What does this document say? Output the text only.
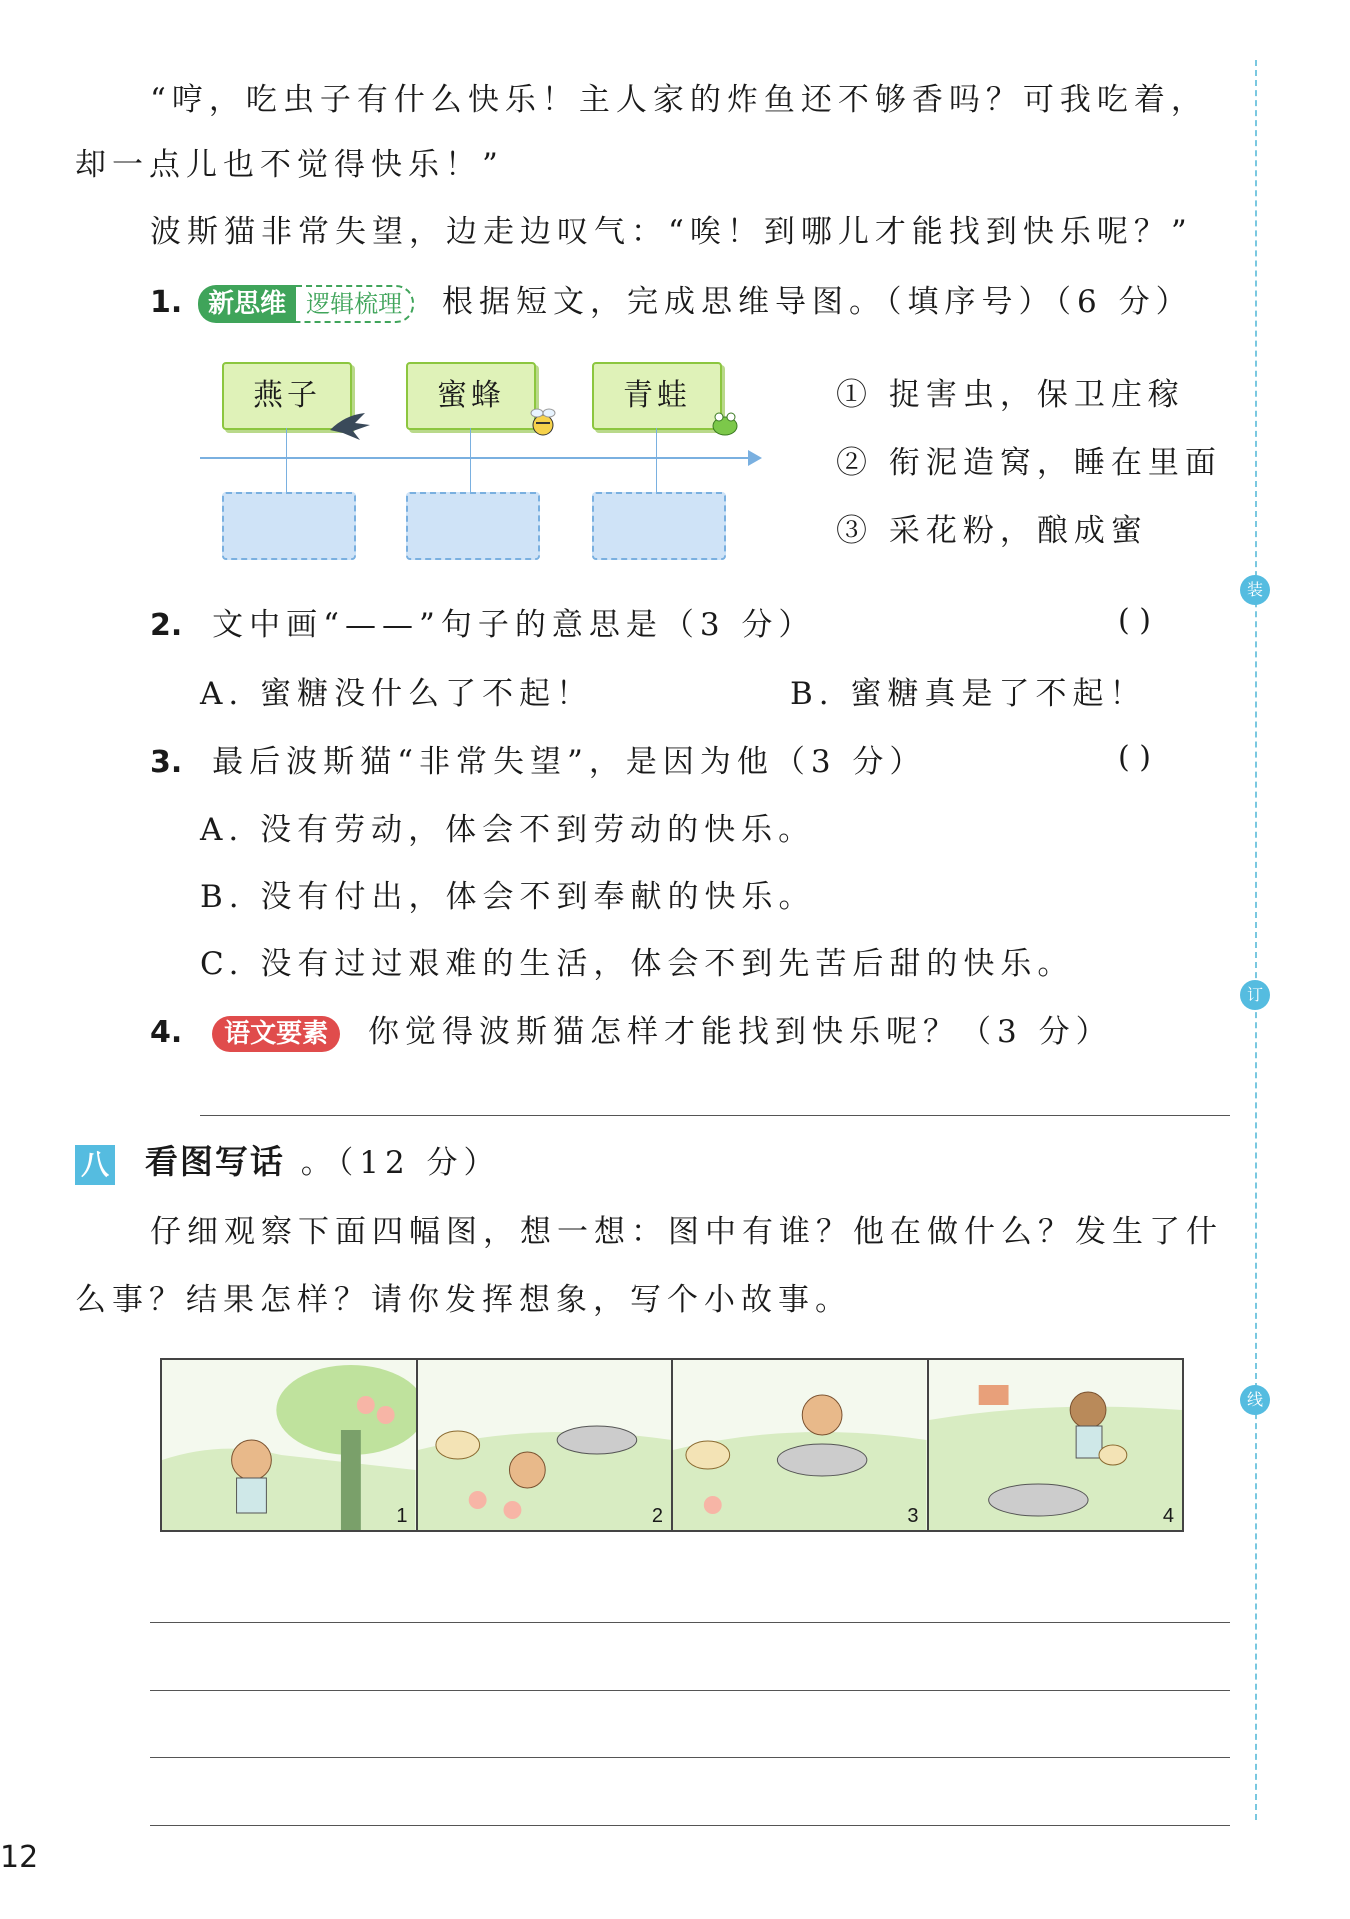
装
订
线
“哼，吃虫子有什么快乐！主人家的炸鱼还不够香吗？可我吃着，
却一点儿也不觉得快乐！”
波斯猫非常失望，边走边叹气：“唉！到哪儿才能找到快乐呢？”
1. 新思维 逻辑梳理	根据短文，完成思维导图。（填序号）（6 分）
燕子	蜜蜂	青蛙	① 捉害虫，保卫庄稼
② 衔泥造窝，睡在里面
③ 采花粉，酿成蜜
2. 文中画“——”句子的意思是（3 分）	( )
A. 蜜糖没什么了不起！	B. 蜜糖真是了不起！
3. 最后波斯猫“非常失望”，是因为他（3 分）	( )
A. 没有劳动，体会不到劳动的快乐。
B. 没有付出，体会不到奉献的快乐。
C. 没有过过艰难的生活，体会不到先苦后甜的快乐。
4. 语文要素 你觉得波斯猫怎样才能找到快乐呢？（3 分）
八 看图写话 。（12 分）
仔细观察下面四幅图，想一想：图中有谁？他在做什么？发生了什
么事？结果怎样？请你发挥想象，写个小故事。
1	2	3	4
12
